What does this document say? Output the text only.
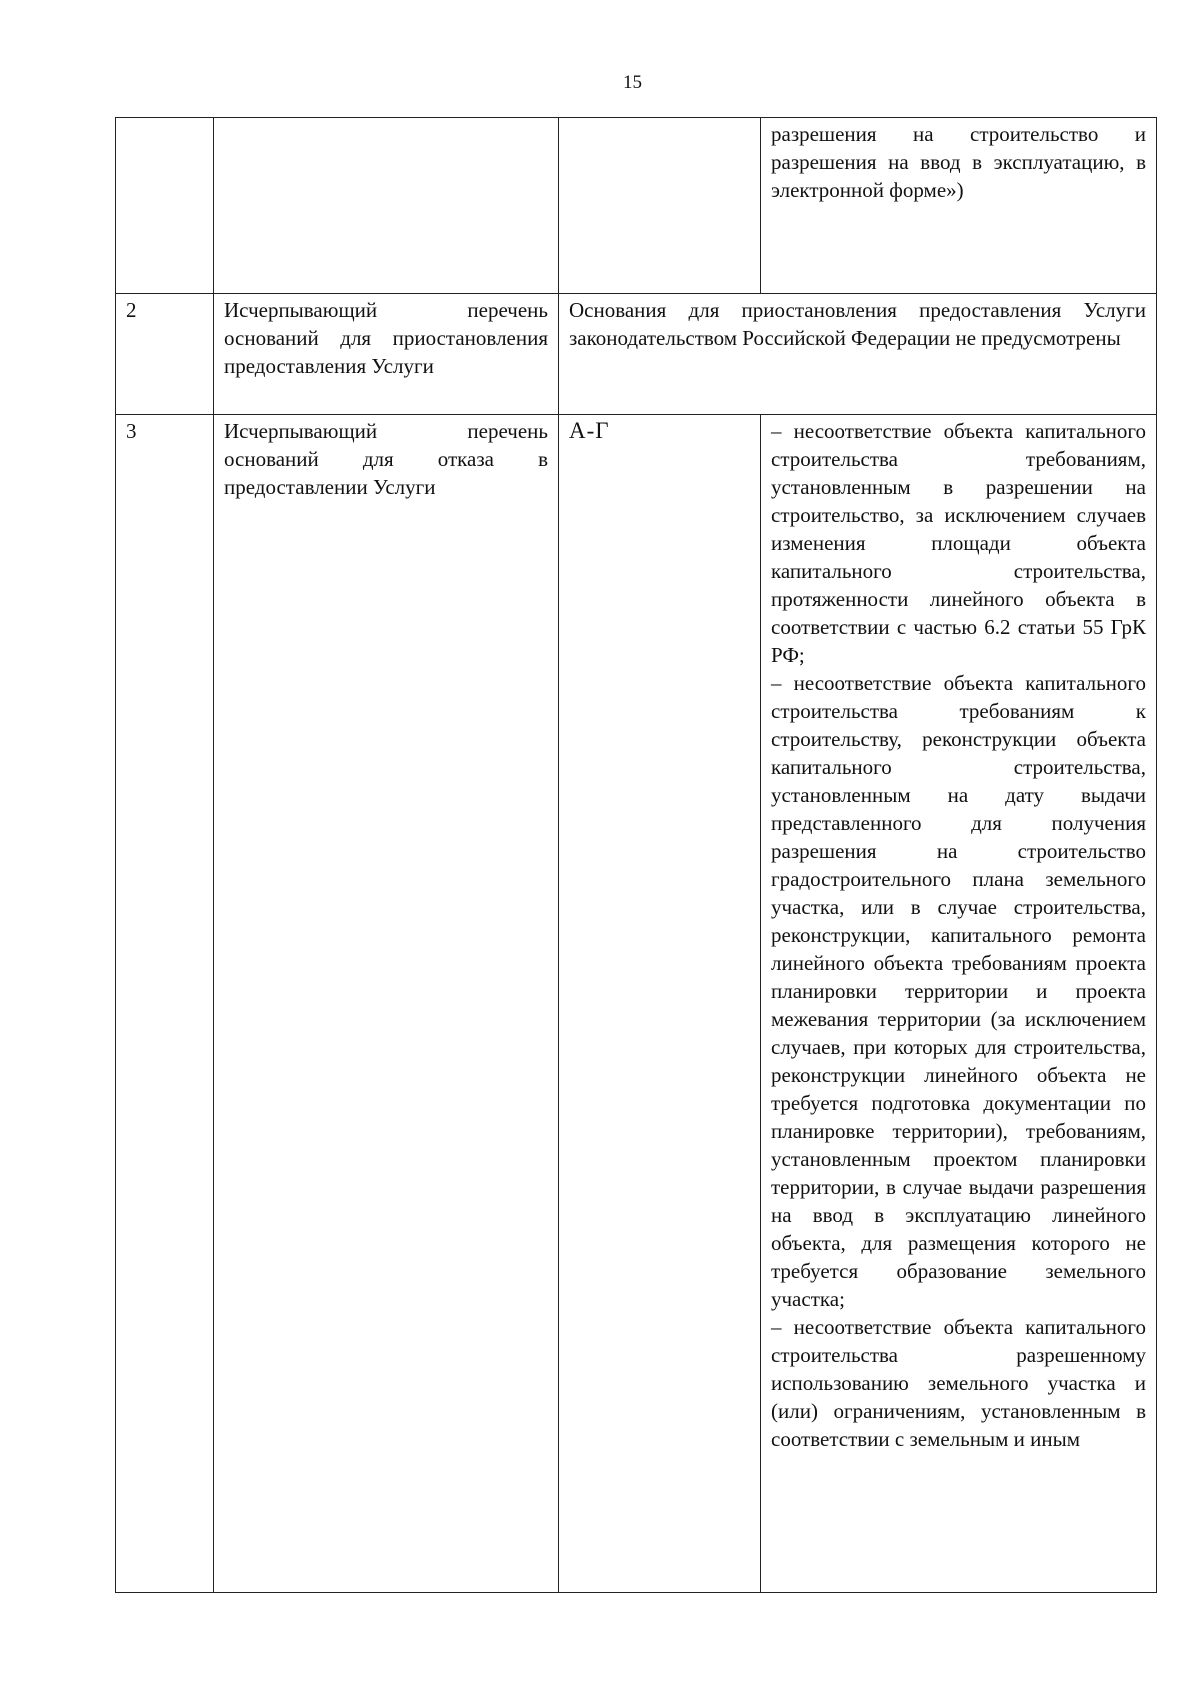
15
			разрешения на строительство и разрешения на ввод в эксплуатацию, в электронной форме»)
2	Исчерпывающий перечень оснований для приостановления предоставления Услуги	Основания для приостановления предоставления Услуги законодательством Российской Федерации не предусмотрены	
3	Исчерпывающий перечень оснований для отказа в предоставлении Услуги	А-Г	– несоответствие объекта капитального строительства требованиям, установленным в разрешении на строительство, за исключением случаев изменения площади объекта капитального строительства, протяженности линейного объекта в соответствии с частью 6.2 статьи 55 ГрК РФ;
– несоответствие объекта капитального строительства требованиям к строительству, реконструкции объекта капитального строительства, установленным на дату выдачи представленного для получения разрешения на строительство градостроительного плана земельного участка, или в случае строительства, реконструкции, капитального ремонта линейного объекта требованиям проекта планировки территории и проекта межевания территории (за исключением случаев, при которых для строительства, реконструкции линейного объекта не требуется подготовка документации по планировке территории), требованиям, установленным проектом планировки территории, в случае выдачи разрешения на ввод в эксплуатацию линейного объекта, для размещения которого не требуется образование земельного участка;
– несоответствие объекта капитального строительства разрешенному использованию земельного участка и (или) ограничениям, установленным в соответствии с земельным и иным
